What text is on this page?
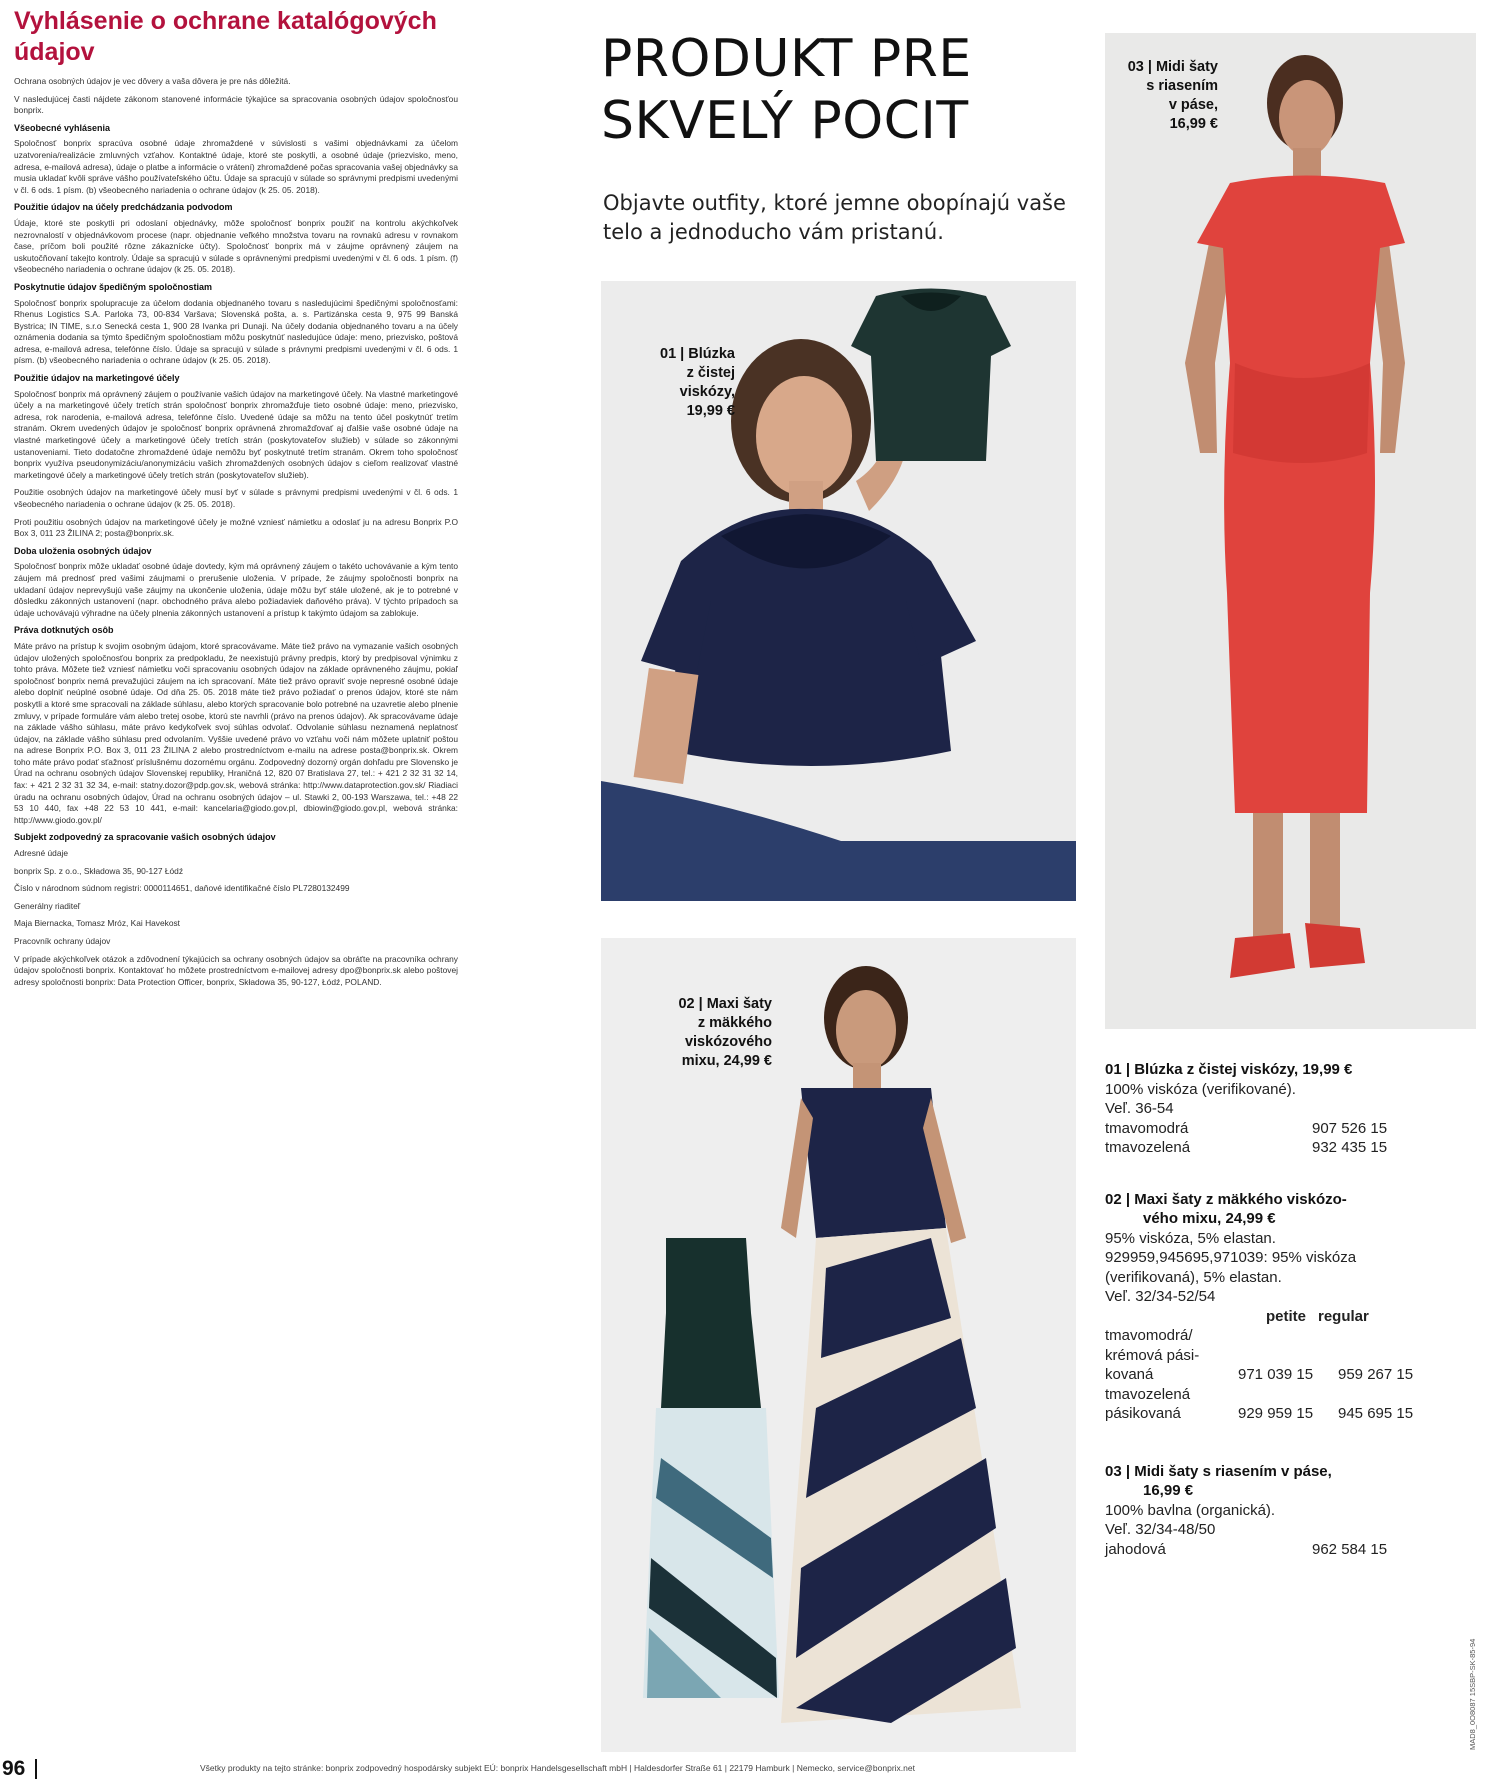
Vyhlásenie o ochrane katalógových údajov

Ochrana osobných údajov je vec dôvery a vaša dôvera je pre nás dôležitá.

V nasledujúcej časti nájdete zákonom stanovené informácie týkajúce sa spracovania osobných údajov spoločnosťou bonprix.

Všeobecné vyhlásenia

Spoločnosť bonprix spracúva osobné údaje zhromaždené v súvislosti s vašimi objednávkami za účelom uzatvorenia/realizácie zmluvných vzťahov. Kontaktné údaje, ktoré ste poskytli, a osobné údaje (priezvisko, meno, adresa, e-mailová adresa), údaje o platbe a informácie o vrátení) zhromaždené počas spracovania vašej objednávky sa musia ukladať kvôli správe vášho používateľského účtu. Údaje sa spracujú v súlade so správnymi predpismi uvedenými v čl. 6 ods. 1 písm. (b) všeobecného nariadenia o ochrane údajov (k 25. 05. 2018).

Použitie údajov na účely predchádzania podvodom

Údaje, ktoré ste poskytli pri odoslaní objednávky, môže spoločnosť bonprix použiť na kontrolu akýchkoľvek nezrovnalostí v objednávkovom procese (napr. objednanie veľkého množstva tovaru na rovnakú adresu v rovnakom čase, príčom boli použité rôzne zákaznícke účty). Spoločnosť bonprix má v záujme oprávnený záujem na uskutočňovaní takejto kontroly. Údaje sa spracujú v súlade s oprávnenými predpismi uvedenými v čl. 6 ods. 1 písm. (f) všeobecného nariadenia o ochrane údajov (k 25. 05. 2018).

Poskytnutie údajov špedičným spoločnostiam

Spoločnosť bonprix spolupracuje za účelom dodania objednaného tovaru s nasledujúcimi špedičnými spoločnosťami: Rhenus Logistics S.A. Parloka 73, 00-834 Varšava; Slovenská pošta, a. s. Partizánska cesta 9, 975 99 Banská Bystrica; IN TIME, s.r.o Senecká cesta 1, 900 28 Ivanka pri Dunaji. Na účely dodania objednaného tovaru a na účely oznámenia dodania sa týmto špedičným spoločnostiam môžu poskytnúť nasledujúce údaje: meno, priezvisko, poštová adresa, e-mailová adresa, telefónne číslo. Údaje sa spracujú v súlade s právnymi predpismi uvedenými v čl. 6 ods. 1 písm. (b) všeobecného nariadenia o ochrane údajov (k 25. 05. 2018).

Použitie údajov na marketingové účely

Spoločnosť bonprix má oprávnený záujem o používanie vašich údajov na marketingové účely. Na vlastné marketingové účely a na marketingové účely tretích strán spoločnosť bonprix zhromažďuje tieto osobné údaje: meno, priezvisko, adresa, rok narodenia, e-mailová adresa, telefónne číslo. Uvedené údaje sa môžu na tento účel poskytnúť tretím stranám. Okrem uvedených údajov je spoločnosť bonprix oprávnená zhromažďovať aj ďalšie vaše osobné údaje na vlastné marketingové účely a marketingové účely tretích strán (poskytovateľov služieb) v súlade so zákonnými ustanoveniami. Tieto dodatočne zhromaždené údaje nemôžu byť poskytnuté tretím stranám. Okrem toho spoločnosť bonprix využíva pseudonymizáciu/anonymizáciu vašich zhromaždených osobných údajov s cieľom realizovať vlastné marketingové účely a marketingové účely tretích strán (poskytovateľov služieb).

Použitie osobných údajov na marketingové účely musí byť v súlade s právnymi predpismi uvedenými v čl. 6 ods. 1 všeobecného nariadenia o ochrane údajov (k 25. 05. 2018).

Proti použitiu osobných údajov na marketingové účely je možné vzniesť námietku a odoslať ju na adresu Bonprix P.O Box 3, 011 23 ŽILINA 2; posta@bonprix.sk.

Doba uloženia osobných údajov

Spoločnosť bonprix môže ukladať osobné údaje dovtedy, kým má oprávnený záujem o takéto uchovávanie a kým tento záujem má prednosť pred vašimi záujmami o prerušenie uloženia. V prípade, že záujmy spoločnosti bonprix na ukladaní údajov neprevyšujú vaše záujmy na ukončenie uloženia, údaje môžu byť stále uložené, ak je to potrebné v dôsledku zákonných ustanovení (napr. obchodného práva alebo požiadaviek daňového práva). V týchto prípadoch sa údaje uchovávajú výhradne na účely plnenia zákonných ustanovení a prístup k takýmto údajom sa zablokuje.

Práva dotknutých osôb

Máte právo na prístup k svojim osobným údajom, ktoré spracovávame. Máte tiež právo na vymazanie vašich osobných údajov uložených spoločnosťou bonprix za predpokladu, že neexistujú právny predpis, ktorý by predpisoval výnimku z tohto práva. Môžete tiež vzniesť námietku voči spracovaniu osobných údajov na základe oprávneného záujmu, pokiaľ spoločnosť bonprix nemá prevažujúci záujem na ich spracovaní. Máte tiež právo opraviť svoje nepresné osobné údaje alebo doplniť neúplné osobné údaje. Od dňa 25. 05. 2018 máte tiež právo požiadať o prenos údajov, ktoré ste nám poskytli a ktoré sme spracovali na základe súhlasu, alebo ktorých spracovanie bolo potrebné na uzavretie alebo plnenie zmluvy, v prípade formuláre vám alebo tretej osobe, ktorú ste navrhli (právo na prenos údajov). Ak spracovávame údaje na základe vášho súhlasu, máte právo kedykoľvek svoj súhlas odvolať. Odvolanie súhlasu neznamená neplatnosť údajov, na základe vášho súhlasu pred odvolaním. Vyššie uvedené právo vo vzťahu voči nám môžete uplatniť poštou na adrese Bonprix P.O. Box 3, 011 23 ŽILINA 2 alebo prostredníctvom e-mailu na adrese posta@bonprix.sk. Okrem toho máte právo podať sťažnosť príslušnému dozornému orgánu. Zodpovedný dozorný orgán dohľadu pre Slovensko je Úrad na ochranu osobných údajov Slovenskej republiky, Hraničná 12, 820 07 Bratislava 27, tel.: + 421 2 32 31 32 14, fax: + 421 2 32 31 32 34, e-mail: statny.dozor@pdp.gov.sk, webová stránka: http://www.dataprotection.gov.sk/ Riadiaci úradu na ochranu osobných údajov, Úrad na ochranu osobných údajov – ul. Stawki 2, 00-193 Warszawa, tel.: +48 22 53 10 440, fax +48 22 53 10 441, e-mail: kancelaria@giodo.gov.pl, dbiowin@giodo.gov.pl, webová stránka: http://www.giodo.gov.pl/

Subjekt zodpovedný za spracovanie vašich osobných údajov

Adresné údaje

bonprix Sp. z o.o., Składowa 35, 90-127 Łódź

Číslo v národnom súdnom registri: 0000114651, daňové identifikačné číslo PL7280132499

Generálny riaditeľ

Maja Biernacka, Tomasz Mróz, Kai Havekost

Pracovník ochrany údajov

V prípade akýchkoľvek otázok a zdôvodnení týkajúcich sa ochrany osobných údajov sa obráťte na pracovníka ochrany údajov spoločnosti bonprix. Kontaktovať ho môžete prostredníctvom e-mailovej adresy dpo@bonprix.sk alebo poštovej adresy spoločnosti bonprix: Data Protection Officer, bonprix, Składowa 35, 90-127, Łódź, POLAND.

PRODUKT PRE
SKVELÝ POCIT

Objavte outfity, ktoré jemne obopínajú vaše telo a jednoducho vám pristanú.

01 | Blúzka
z čistej
viskózy,
19,99 €
02 | Maxi šaty
z mäkkého
viskózového
mixu, 24,99 €
03 | Midi šaty
s riasením
v páse,
16,99 €
01 | Blúzka z čistej viskózy, 19,99 €
100% viskóza (verifikované).
Veľ. 36-54
tmavomodrá	907 526 15
tmavozelená	932 435 15
02 | Maxi šaty z mäkkého viskózo-
vého mixu, 24,99 €
95% viskóza, 5% elastan.
929959,945695,971039: 95% viskóza
(verifikovaná), 5% elastan.
Veľ. 32/34-52/54
petite regular
tmavomodrá/
krémová pási-
kovaná	971 039 15	959 267 15
tmavozelená
pásikovaná	929 959 15	945 695 15
03 | Midi šaty s riasením v páse,
16,99 €
100% bavlna (organická).
Veľ. 32/34-48/50
jahodová	962 584 15
96	Všetky produkty na tejto stránke: bonprix zodpovedný hospodársky subjekt EÚ: bonprix Handelsgesellschaft mbH | Haldesdorfer Straße 61 | 22179 Hamburk | Nemecko, service@bonprix.net
MAD8_0O8087 15SBP-SK-85-94
